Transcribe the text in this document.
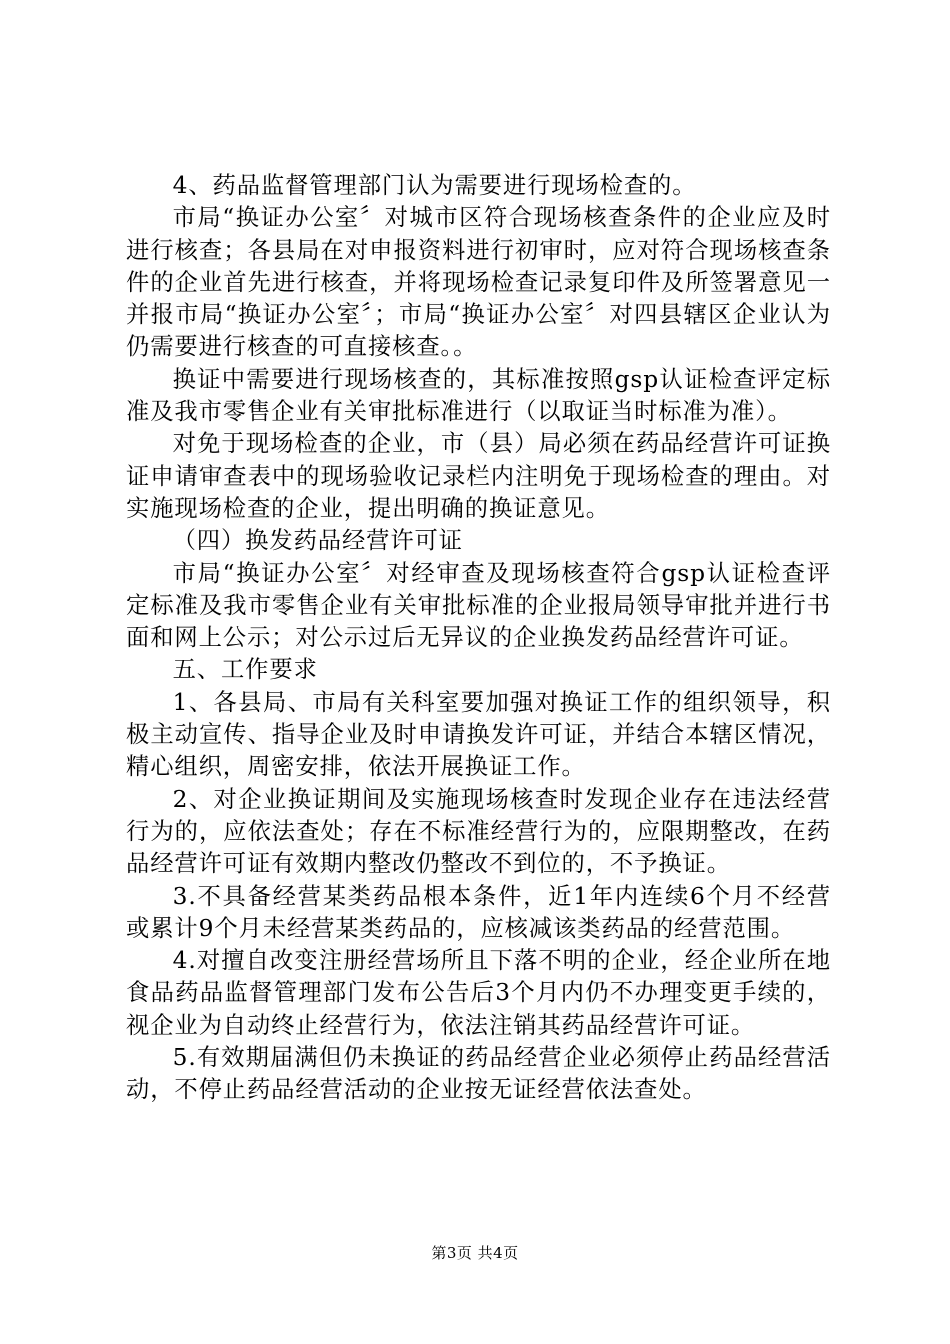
4、药品监督管理部门认为需要进行现场检查的。

市局“换证办公室〞对城市区符合现场核查条件的企业应及时进行核查；各县局在对申报资料进行初审时，应对符合现场核查条件的企业首先进行核查，并将现场检查记录复印件及所签署意见一并报市局“换证办公室〞；市局“换证办公室〞对四县辖区企业认为仍需要进行核查的可直接核查。。

换证中需要进行现场核查的，其标准按照gsp认证检查评定标准及我市零售企业有关审批标准进行（以取证当时标准为准）。

对免于现场检查的企业，市（县）局必须在药品经营许可证换证申请审查表中的现场验收记录栏内注明免于现场检查的理由。对实施现场检查的企业，提出明确的换证意见。

（四）换发药品经营许可证

市局“换证办公室〞对经审查及现场核查符合gsp认证检查评定标准及我市零售企业有关审批标准的企业报局领导审批并进行书面和网上公示；对公示过后无异议的企业换发药品经营许可证。

五、工作要求

1、各县局、市局有关科室要加强对换证工作的组织领导，积极主动宣传、指导企业及时申请换发许可证，并结合本辖区情况，精心组织，周密安排，依法开展换证工作。

2、对企业换证期间及实施现场核查时发现企业存在违法经营行为的，应依法查处；存在不标准经营行为的，应限期整改，在药品经营许可证有效期内整改仍整改不到位的，不予换证。

3.不具备经营某类药品根本条件，近1年内连续6个月不经营或累计9个月未经营某类药品的，应核减该类药品的经营范围。

4.对擅自改变注册经营场所且下落不明的企业，经企业所在地食品药品监督管理部门发布公告后3个月内仍不办理变更手续的，视企业为自动终止经营行为，依法注销其药品经营许可证。

5.有效期届满但仍未换证的药品经营企业必须停止药品经营活动，不停止药品经营活动的企业按无证经营依法查处。

第3页 共4页
